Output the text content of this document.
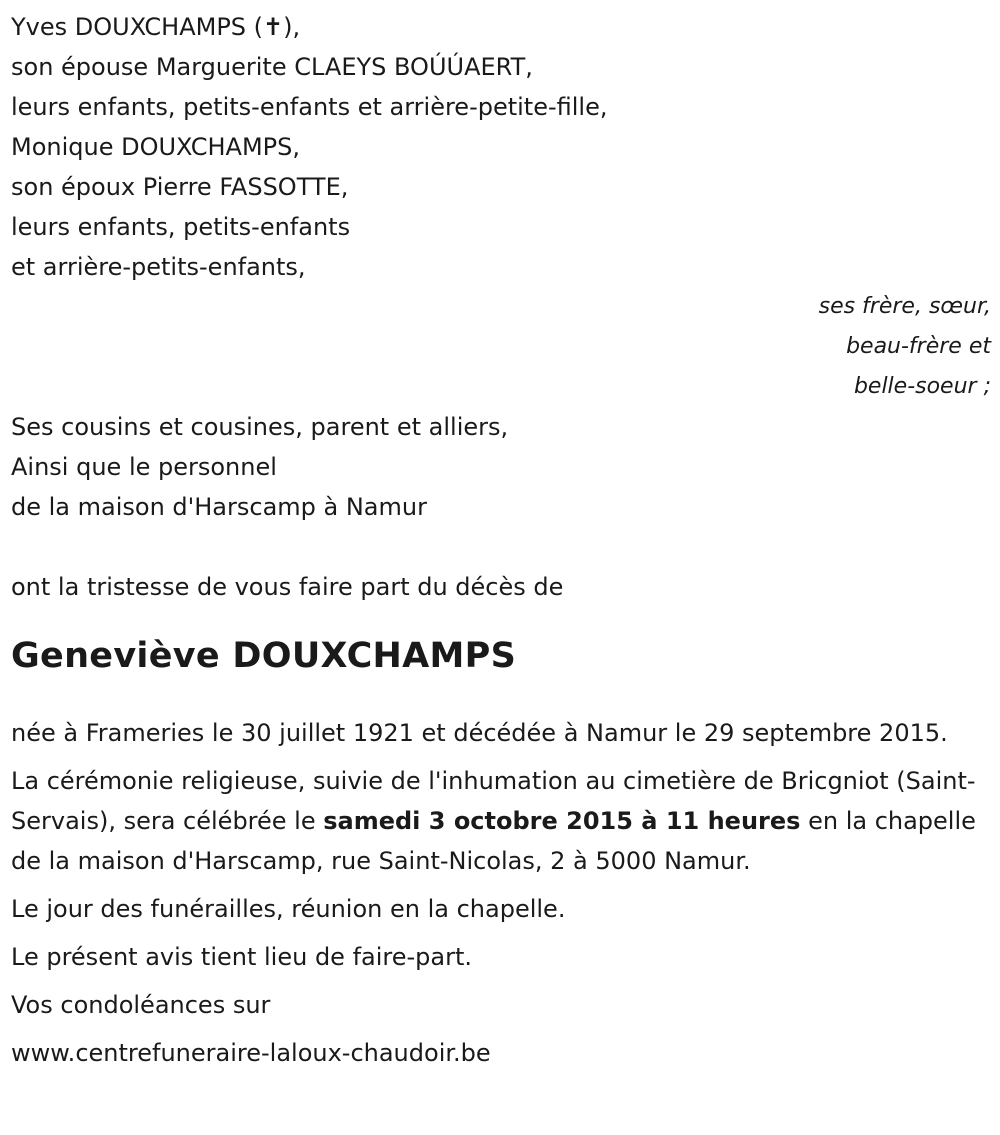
Yves DOUXCHAMPS (✝),

son épouse Marguerite CLAEYS BOÚÚAERT,

leurs enfants, petits-enfants et arrière-petite-fille,

Monique DOUXCHAMPS,

son époux Pierre FASSOTTE,

leurs enfants, petits-enfants

et arrière-petits-enfants,

ses frère, sœur,
beau-frère et
belle-soeur ;

Ses cousins et cousines, parent et alliers,

Ainsi que le personnel

de la maison d'Harscamp à Namur

ont la tristesse de vous faire part du décès de

Geneviève DOUXCHAMPS

née à Frameries le 30 juillet 1921 et décédée à Namur le 29 septembre 2015.

La cérémonie religieuse, suivie de l'inhumation au cimetière de Bricgniot (Saint-Servais), sera célébrée le samedi 3 octobre 2015 à 11 heures en la chapelle de la maison d'Harscamp, rue Saint-Nicolas, 2 à 5000 Namur.

Le jour des funérailles, réunion en la chapelle.

Le présent avis tient lieu de faire-part.

Vos condoléances sur

www.centrefuneraire-laloux-chaudoir.be
